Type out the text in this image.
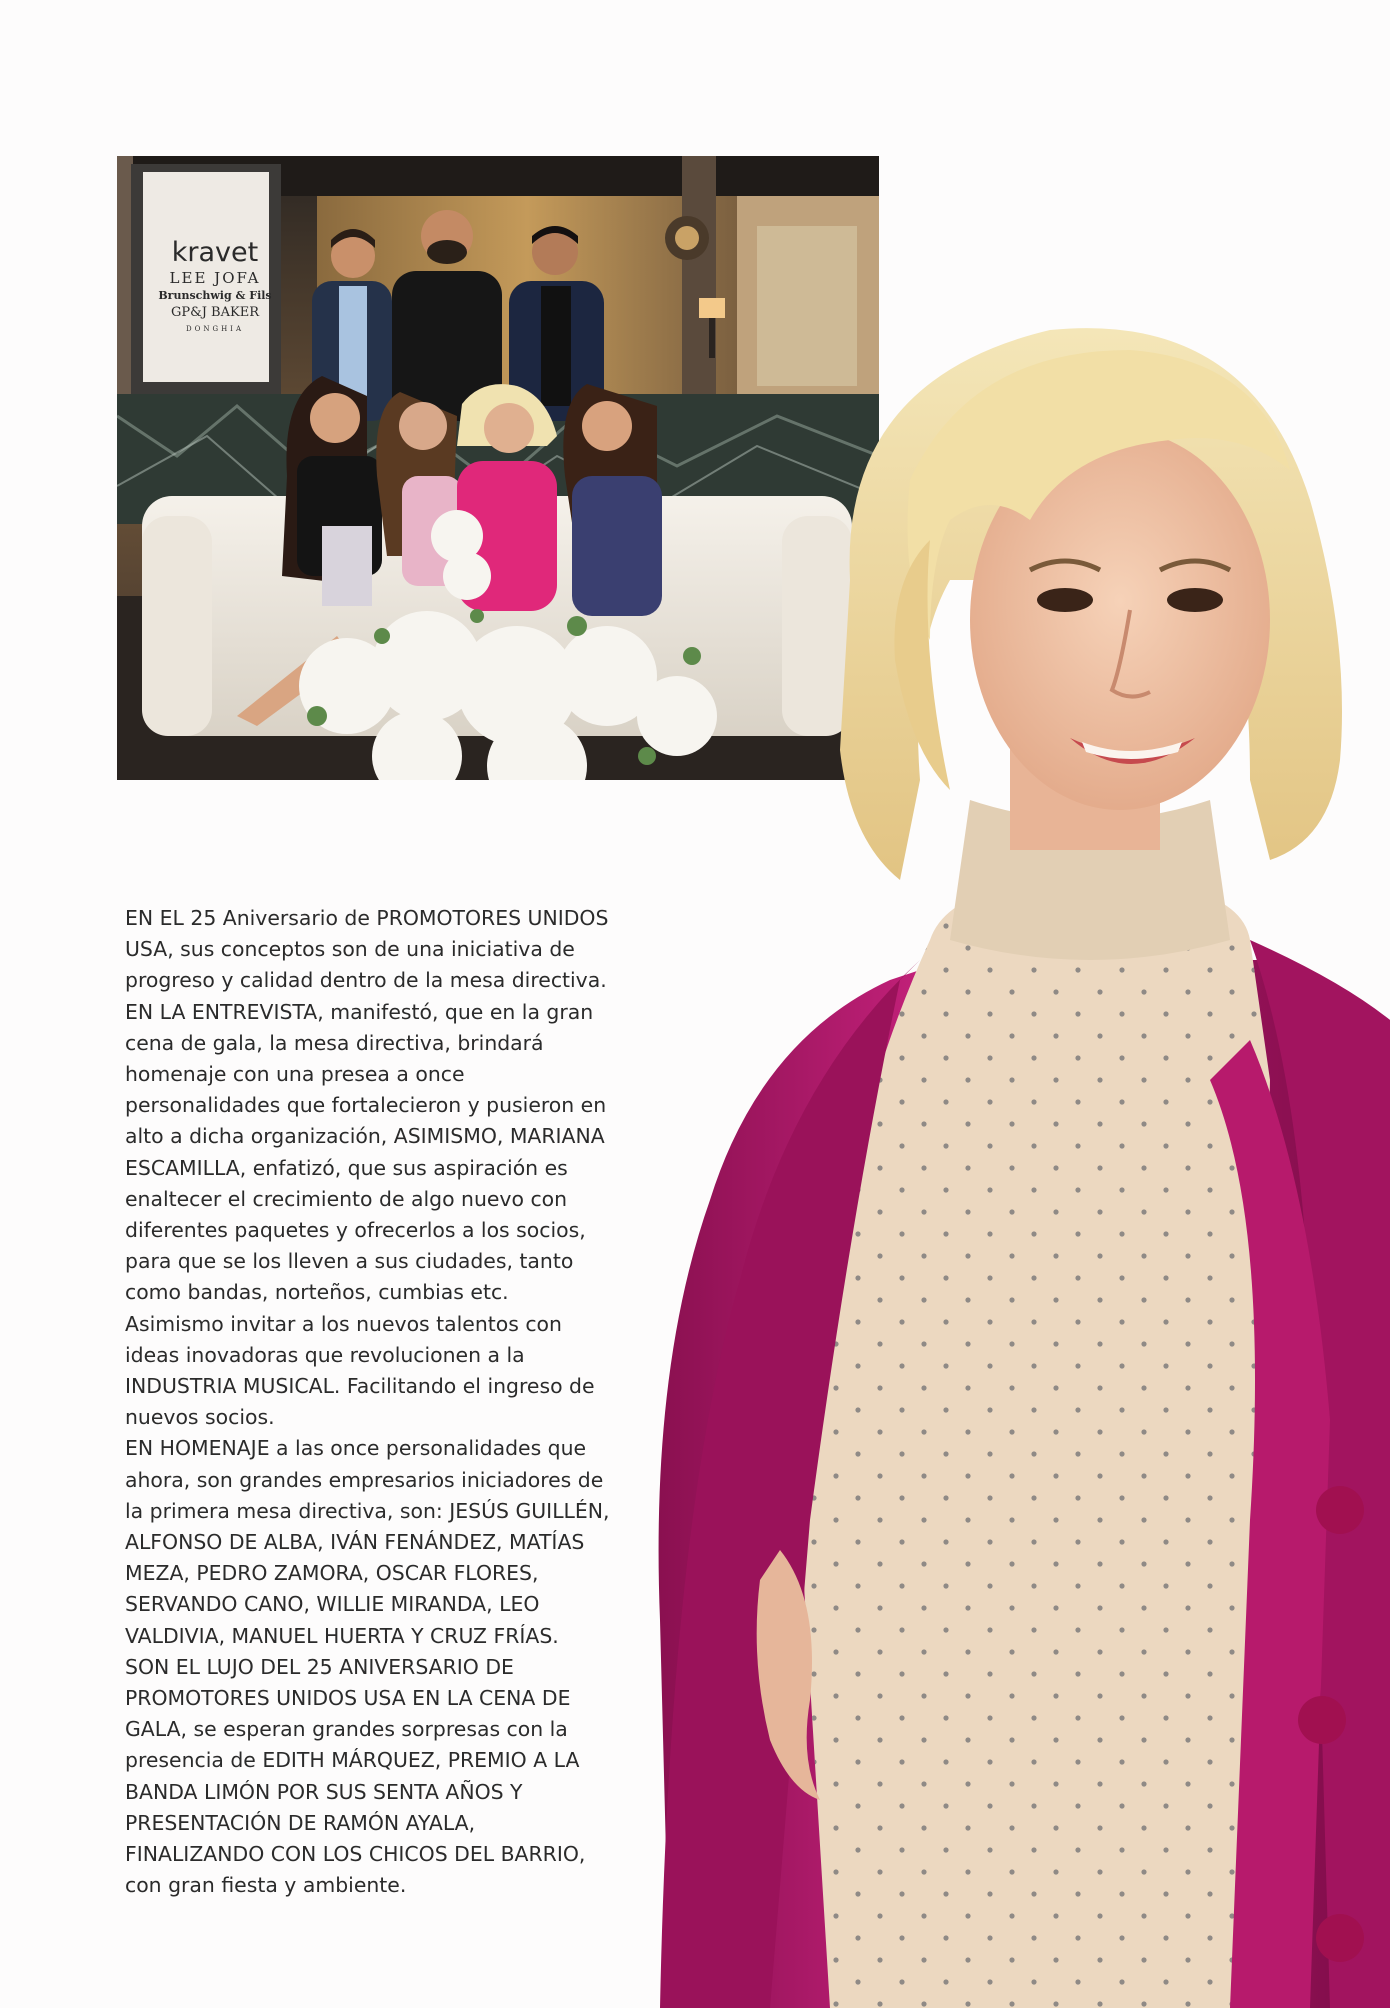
kravet
LEE JOFA
Brunschwig & Fils
GP&J BAKER
DONGHIA

EN EL 25 Aniversario de PROMOTORES UNIDOS

USA, sus conceptos son de una iniciativa de

progreso y calidad dentro de la mesa directiva.

EN LA ENTREVISTA, manifestó, que en la gran

cena de gala, la mesa directiva, brindará

homenaje con una presea a once

personalidades que fortalecieron y pusieron en

alto a dicha organización, ASIMISMO, MARIANA

ESCAMILLA, enfatizó, que sus aspiración es

enaltecer el crecimiento de algo nuevo con

diferentes paquetes y ofrecerlos a los socios,

para que se los lleven a sus ciudades, tanto

como bandas, norteños, cumbias etc.

Asimismo invitar a los nuevos talentos con

ideas inovadoras que revolucionen a la

INDUSTRIA MUSICAL. Facilitando el ingreso de

nuevos socios.

EN HOMENAJE a las once personalidades que

ahora, son grandes empresarios iniciadores de

la primera mesa directiva, son: JESÚS GUILLÉN,

ALFONSO DE ALBA, IVÁN FENÁNDEZ, MATÍAS

MEZA, PEDRO ZAMORA, OSCAR FLORES,

SERVANDO CANO, WILLIE MIRANDA, LEO

VALDIVIA, MANUEL HUERTA Y CRUZ FRÍAS.

SON EL LUJO DEL 25 ANIVERSARIO DE

PROMOTORES UNIDOS USA EN LA CENA DE

GALA, se esperan grandes sorpresas con la

presencia de EDITH MÁRQUEZ, PREMIO A LA

BANDA LIMÓN POR SUS SENTA AÑOS Y

PRESENTACIÓN DE RAMÓN AYALA,

FINALIZANDO CON LOS CHICOS DEL BARRIO,

con gran fiesta y ambiente.
